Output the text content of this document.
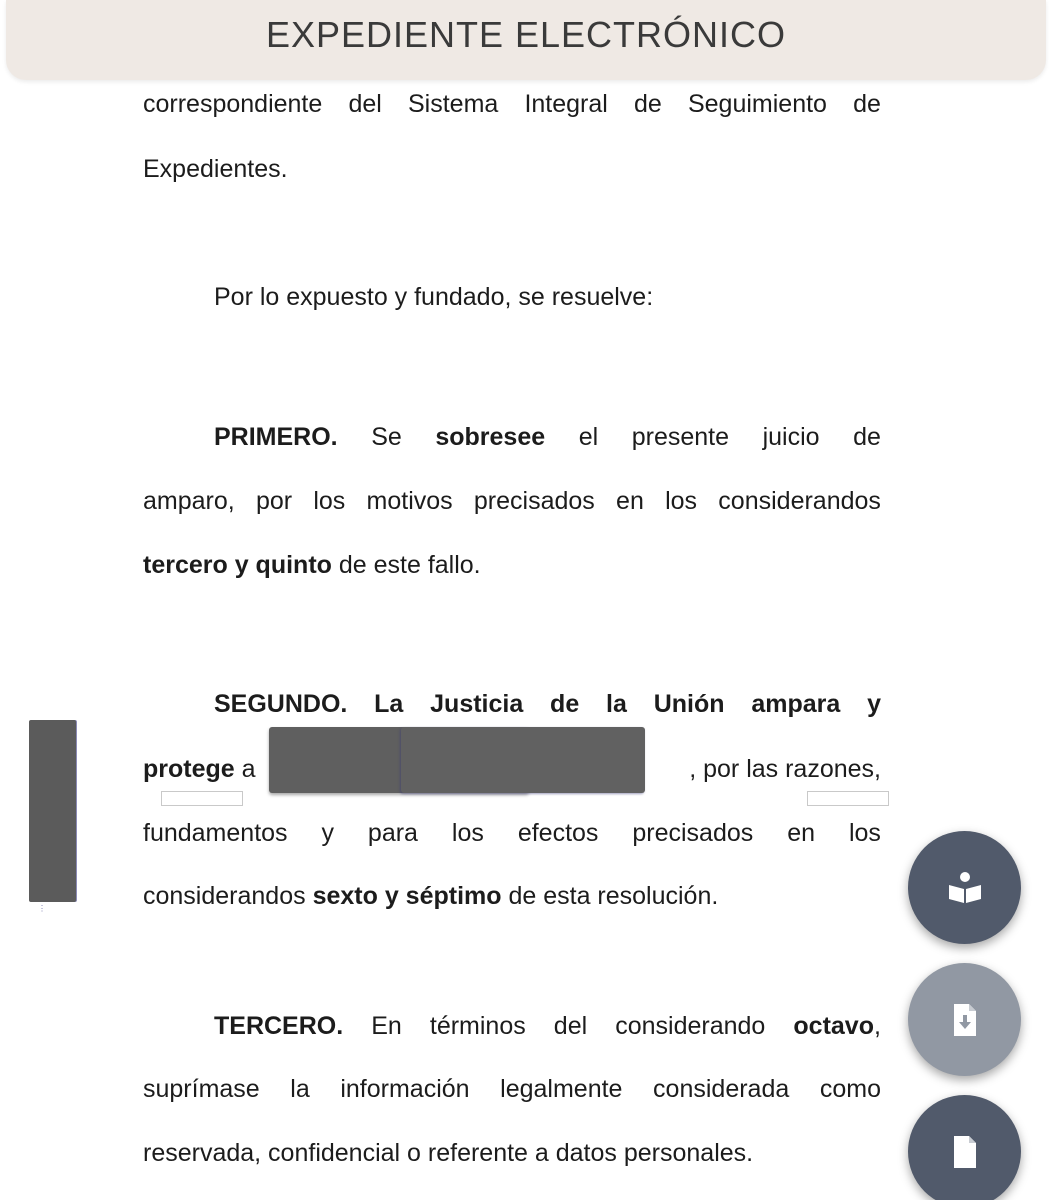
EXPEDIENTE ELECTRÓNICO
correspondiente del Sistema Integral de Seguimiento de
Expedientes.
Por lo expuesto y fundado, se resuelve:
PRIMERO. Se sobresee el presente juicio de
amparo, por los motivos precisados en los considerandos
tercero y quinto de este fallo.
SEGUNDO. La Justicia de la Unión ampara y
protege a	, por las razones,
fundamentos y para los efectos precisados en los
considerandos sexto y séptimo de esta resolución.
TERCERO. En términos del considerando octavo,
suprímase la información legalmente considerada como
reservada, confidencial o referente a datos personales.
⋮
